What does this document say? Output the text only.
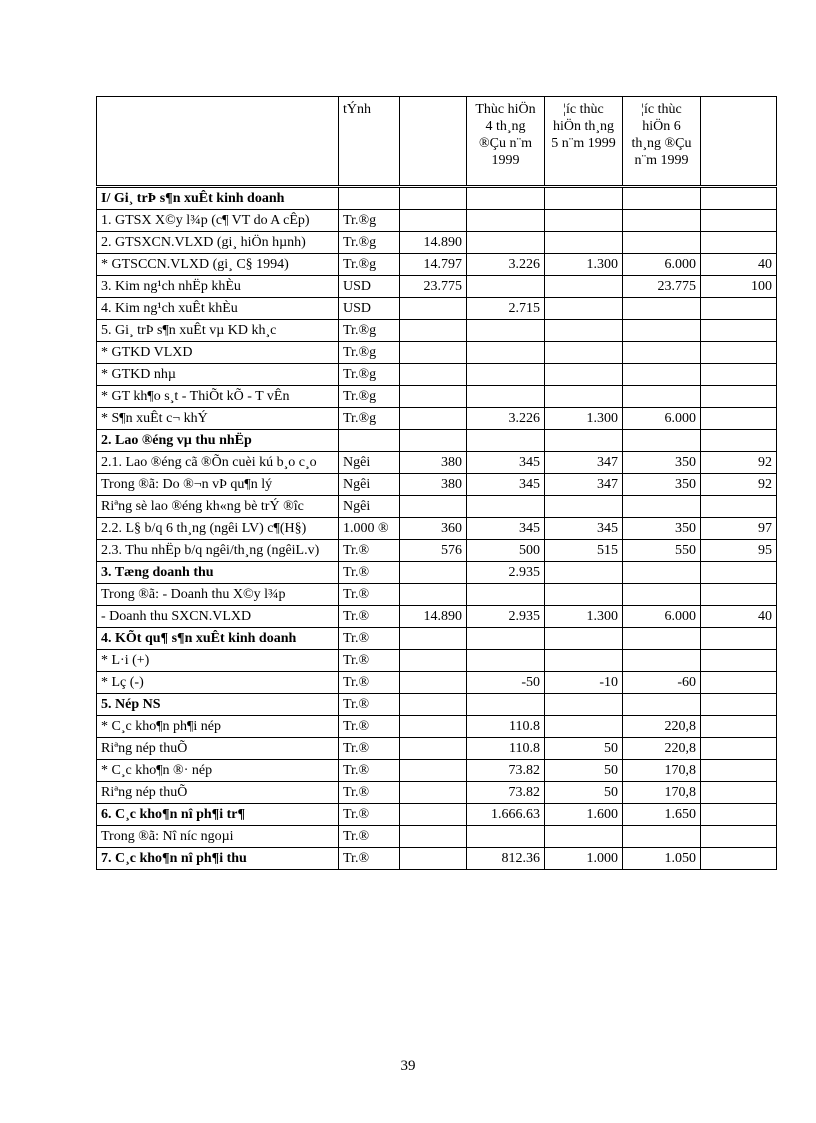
	tÝnh		Thùc hiÖn 4 th¸ng ®Çu n¨m 1999	¦íc thùc hiÖn th¸ng 5 n¨m 1999	¦íc thùc hiÖn 6 th¸ng ®Çu n¨m 1999	
I/ Gi¸ trÞ s¶n xuÊt kinh doanh						
1. GTSX X©y l¾p (c¶ VT do A cÊp)	Tr.®g					
2. GTSXCN.VLXD (gi¸ hiÖn hµnh)	Tr.®g	14.890				
* GTSCCN.VLXD (gi¸ C§ 1994)	Tr.®g	14.797	3.226	1.300	6.000	40
3. Kim ng¹ch nhËp khÈu	USD	23.775			23.775	100
4. Kim ng¹ch xuÊt khÈu	USD		2.715			
5. Gi¸ trÞ s¶n xuÊt vµ KD kh¸c	Tr.®g					
* GTKD VLXD	Tr.®g					
* GTKD nhµ	Tr.®g					
* GT kh¶o s¸t - ThiÕt kÕ - T vÊn	Tr.®g					
* S¶n xuÊt c¬ khÝ	Tr.®g		3.226	1.300	6.000	
2. Lao ®éng vµ thu nhËp						
2.1. Lao ®éng cã ®Õn cuèi kú b¸o c¸o	Ngêi	380	345	347	350	92
Trong ®ã: Do ®¬n vÞ qu¶n lý	Ngêi	380	345	347	350	92
Riªng sè lao ®éng kh«ng bè trÝ ®îc	Ngêi					
2.2. L§ b/q 6 th¸ng (ngêi LV) c¶(H§)	1.000 ®	360	345	345	350	97
2.3. Thu nhËp b/q ngêi/th¸ng (ngêiL.v)	Tr.®	576	500	515	550	95
3. Tæng doanh thu	Tr.®		2.935			
Trong ®ã: - Doanh thu X©y l¾p	Tr.®					
- Doanh thu SXCN.VLXD	Tr.®	14.890	2.935	1.300	6.000	40
4. KÕt qu¶ s¶n xuÊt kinh doanh	Tr.®					
* L·i (+)	Tr.®					
* Lç (-)	Tr.®		-50	-10	-60	
5. Nép NS	Tr.®					
* C¸c kho¶n ph¶i nép	Tr.®		110.8		220,8	
Riªng nép thuÕ	Tr.®		110.8	50	220,8	
* C¸c kho¶n ®· nép	Tr.®		73.82	50	170,8	
Riªng nép thuÕ	Tr.®		73.82	50	170,8	
6. C¸c kho¶n nî ph¶i tr¶	Tr.®		1.666.63	1.600	1.650	
Trong ®ã: Nî níc ngoµi	Tr.®					
7. C¸c kho¶n nî ph¶i thu	Tr.®		812.36	1.000	1.050	
39
